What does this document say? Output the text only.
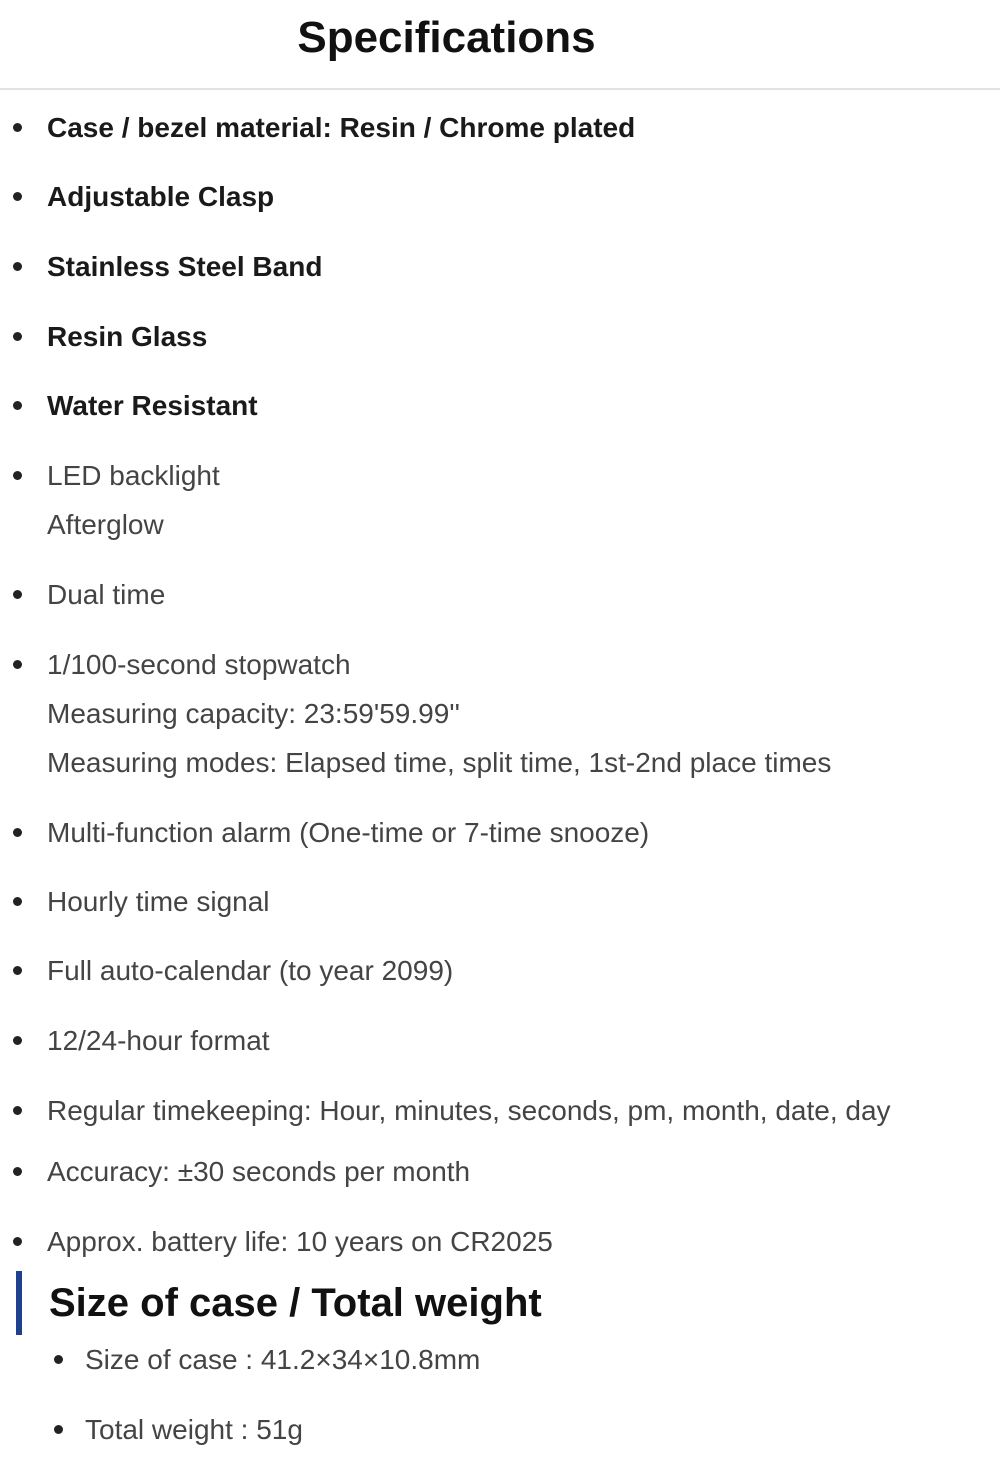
Specifications
Case / bezel material: Resin / Chrome plated
Adjustable Clasp
Stainless Steel Band
Resin Glass
Water Resistant
LED backlight
Afterglow
Dual time
1/100-second stopwatch
Measuring capacity: 23:59'59.99''
Measuring modes: Elapsed time, split time, 1st-2nd place times
Multi-function alarm (One-time or 7-time snooze)
Hourly time signal
Full auto-calendar (to year 2099)
12/24-hour format
Regular timekeeping: Hour, minutes, seconds, pm, month, date, day
Accuracy: ±30 seconds per month
Approx. battery life: 10 years on CR2025
Size of case / Total weight
Size of case : 41.2×34×10.8mm
Total weight : 51g
